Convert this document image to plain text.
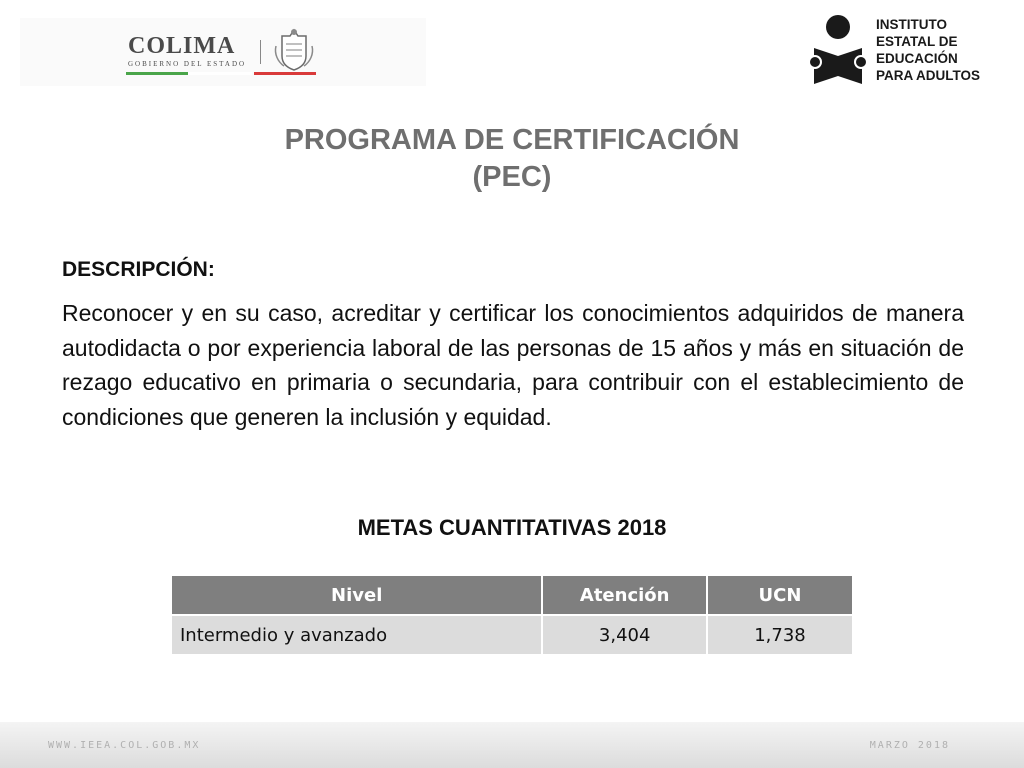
COLIMA
GOBIERNO DEL ESTADO
INSTITUTO
ESTATAL DE
EDUCACIÓN
PARA ADULTOS
PROGRAMA DE CERTIFICACIÓN
(PEC)
DESCRIPCIÓN:

Reconocer y en su caso, acreditar y certificar los conocimientos adquiridos de manera autodidacta o por experiencia laboral de las personas de 15 años y más en situación de rezago educativo en primaria o secundaria, para contribuir con el establecimiento de condiciones que generen la inclusión y equidad.

METAS CUANTITATIVAS 2018
Nivel	Atención	UCN
Intermedio y avanzado	3,404	1,738
WWW.IEEA.COL.GOB.MX	MARZO 2018
